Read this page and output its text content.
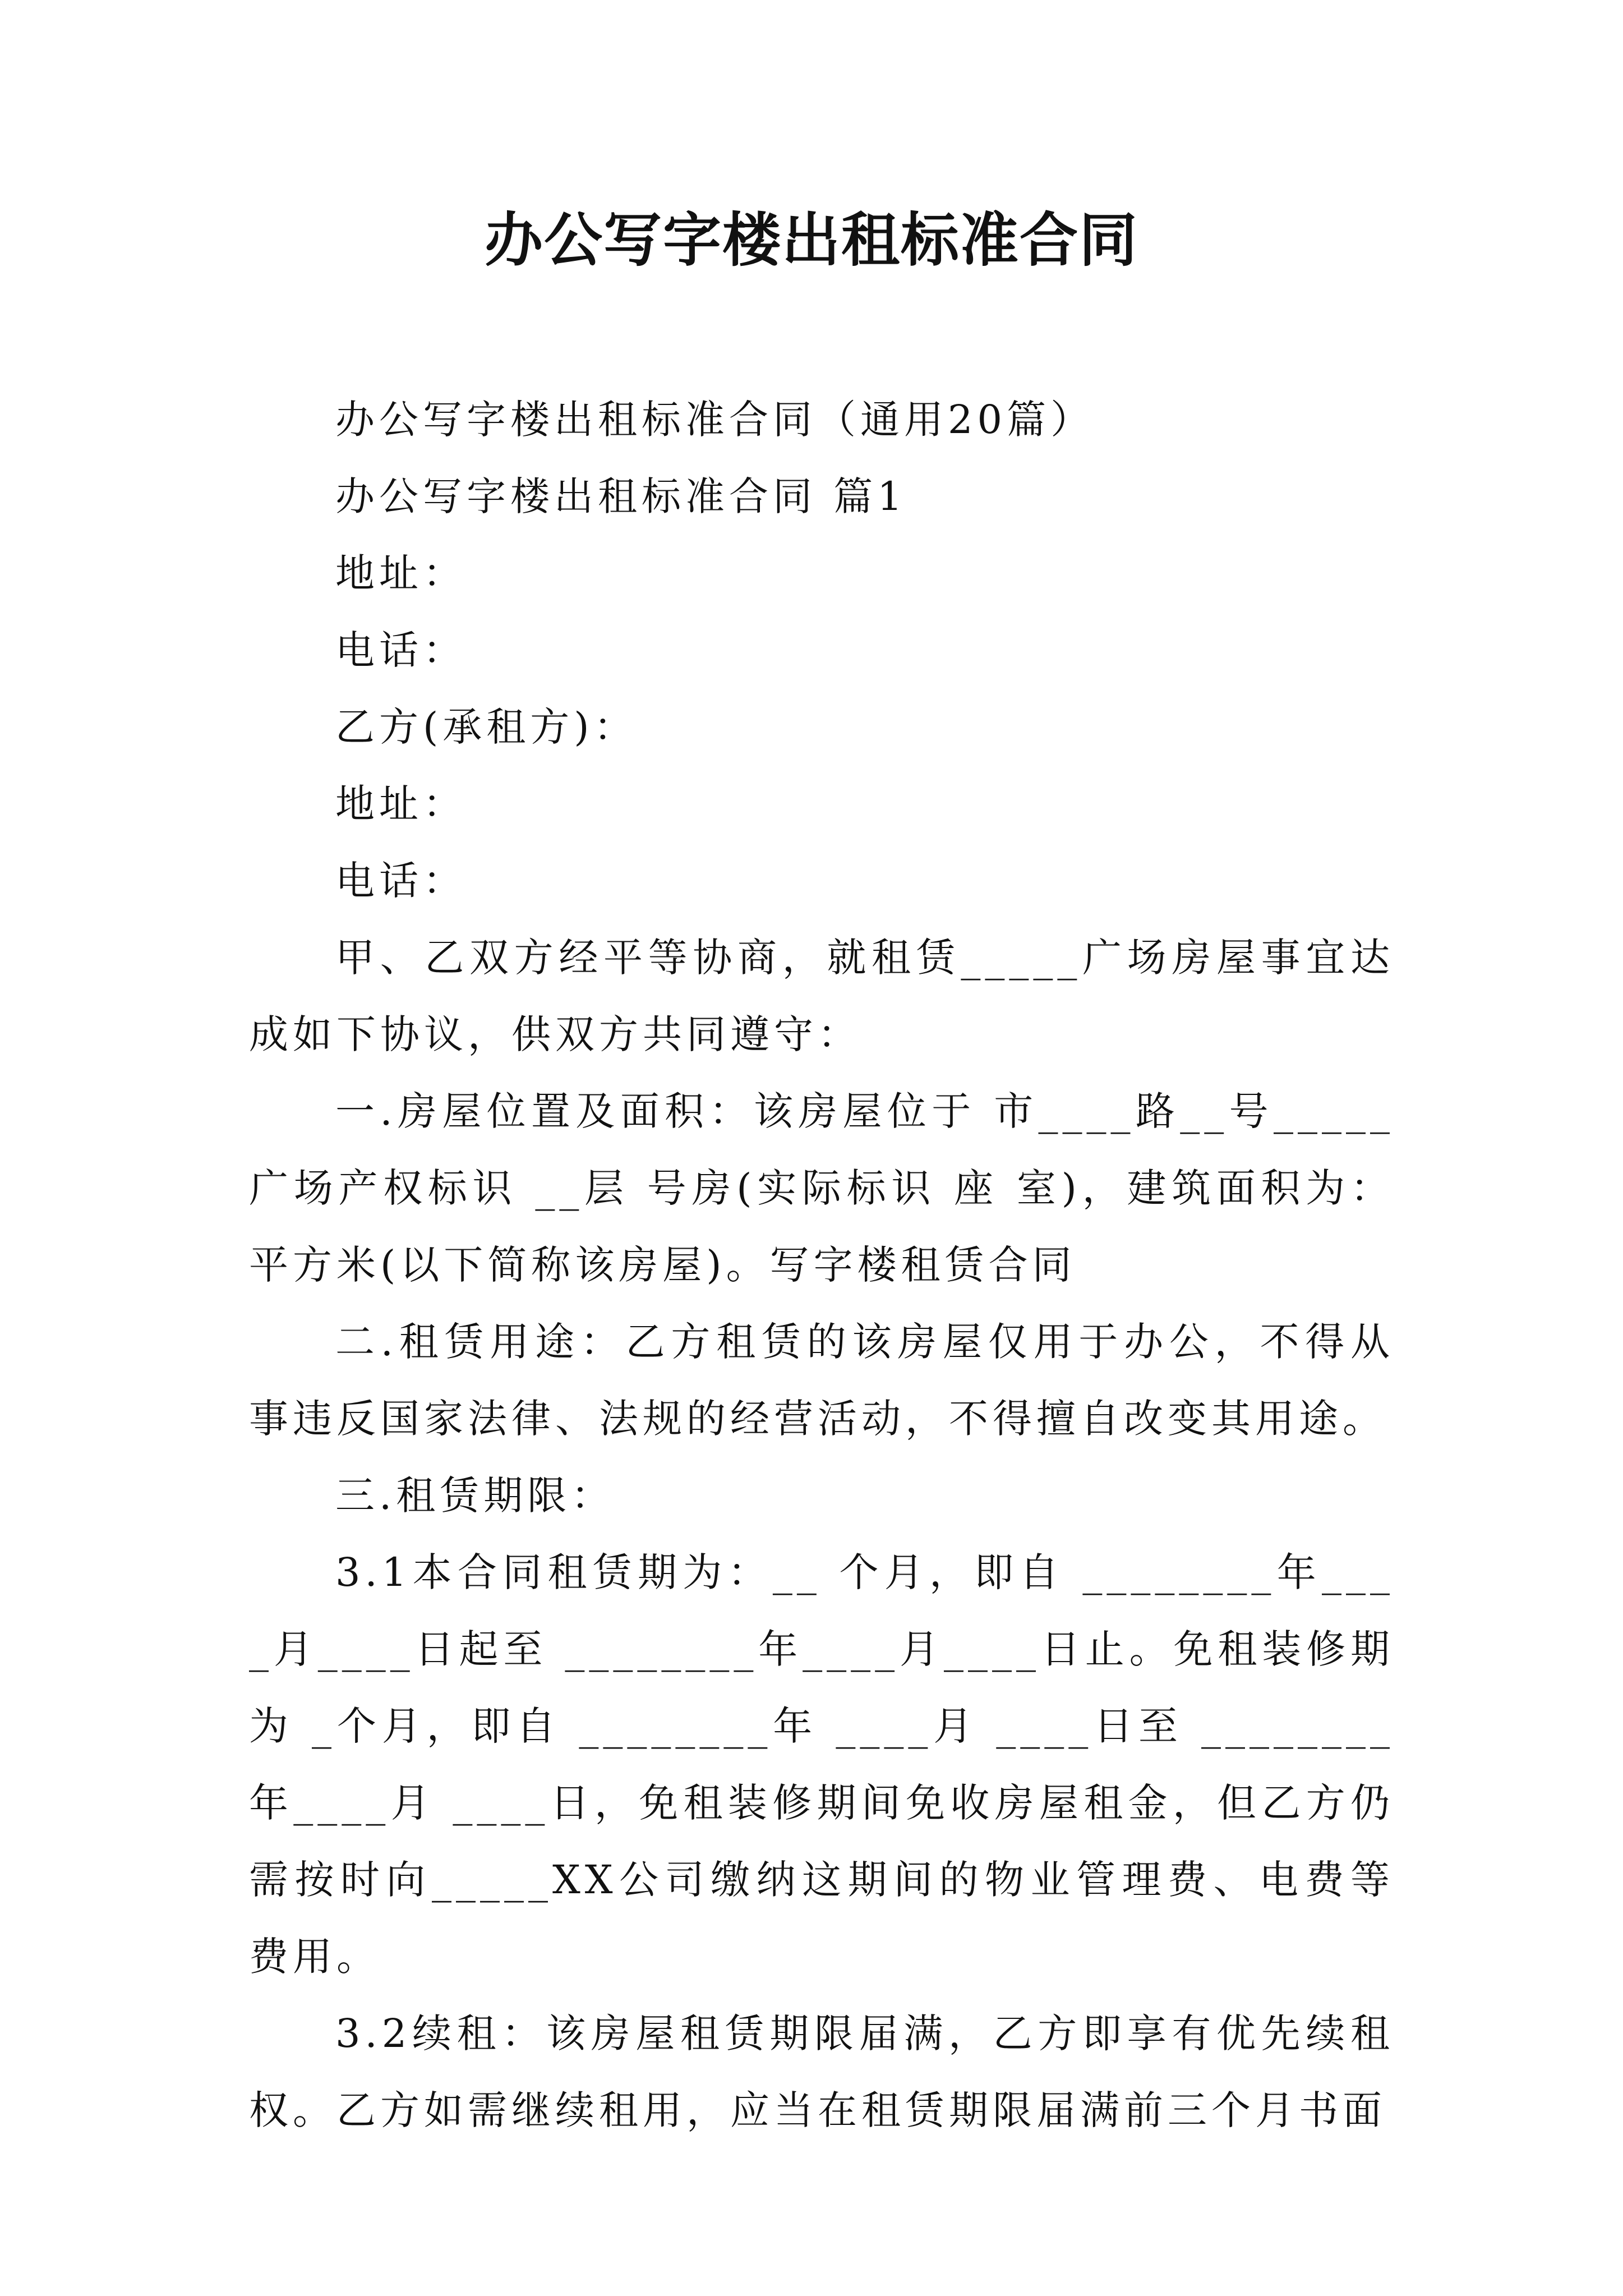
办公写字楼出租标准合同

办公写字楼出租标准合同（通用20篇）

办公写字楼出租标准合同 篇1

地址：

电话：

乙方(承租方)：

地址：

电话：

甲、乙双方经平等协商，就租赁_____广场房屋事宜达成如下协议，供双方共同遵守：

一.房屋位置及面积：该房屋位于 市____路__号_____广场产权标识 __层 号房(实际标识 座 室)，建筑面积为：平方米(以下简称该房屋)。写字楼租赁合同

二.租赁用途：乙方租赁的该房屋仅用于办公，不得从事违反国家法律、法规的经营活动，不得擅自改变其用途。

三.租赁期限：

3.1本合同租赁期为：__ 个月，即自 ________年____月____日起至 ________年____月____日止。免租装修期为 _个月，即自 ________年 ____月 ____日至 ________年____月 ____日，免租装修期间免收房屋租金，但乙方仍需按时向_____XX公司缴纳这期间的物业管理费、电费等费用。

3.2续租：该房屋租赁期限届满，乙方即享有优先续租权。乙方如需继续租用，应当在租赁期限届满前三个月书面
